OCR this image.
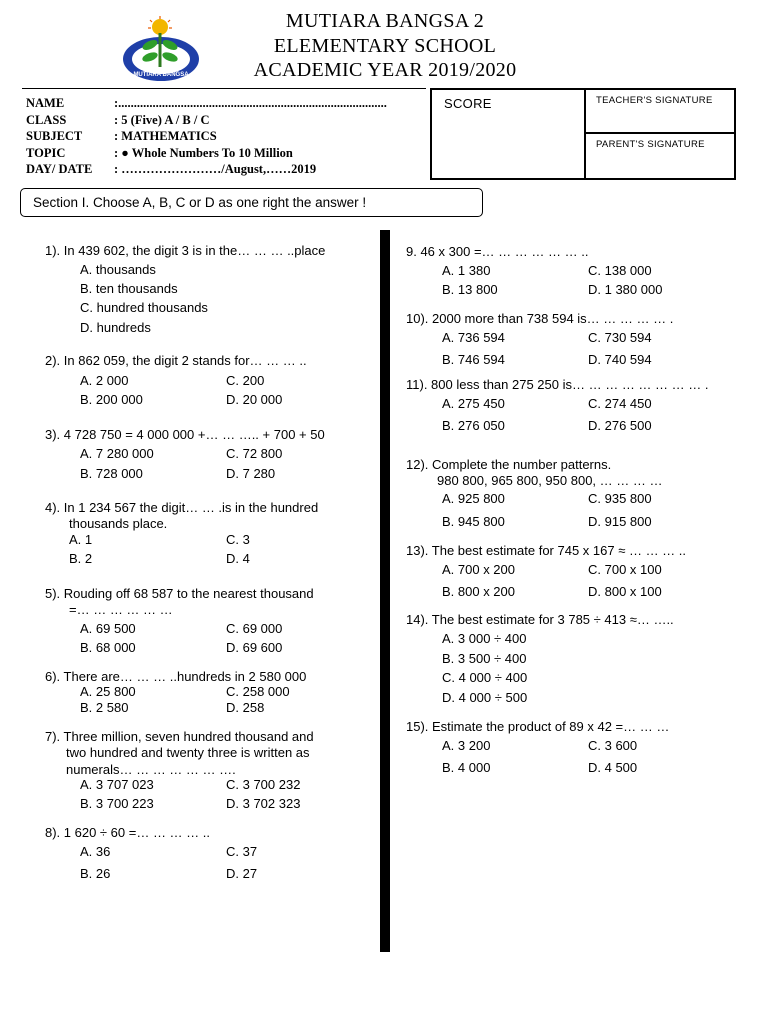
MUTIARA BANGSA
MUTIARA BANGSA 2
ELEMENTARY SCHOOL
ACADEMIC YEAR 2019/2020
NAME	:......................................................................................
CLASS	: 5 (Five) A / B / C
SUBJECT	: MATHEMATICS
TOPIC	: ● Whole Numbers To 10 Million
DAY/ DATE	: ……………………/August,……2019
SCORE	TEACHER'S SIGNATURE
PARENT'S SIGNATURE
Section I. Choose A, B, C or D as one right the answer !
1). In 439 602, the digit 3 is in the… … … ..place
A. thousands
B. ten thousands
C. hundred thousands
D. hundreds
2). In 862 059, the digit 2 stands for… … … ..
A. 2 000	C. 200
B. 200 000	D. 20 000
3). 4 728 750 = 4 000 000 +… … ….. + 700 + 50
A. 7 280 000	C. 72 800
B. 728 000	D. 7 280
4). In 1 234 567 the digit… … .is in the hundred
thousands place.
A. 1	C. 3
B. 2	D. 4
5). Rouding off 68 587 to the nearest thousand
=… … … … … …
A. 69 500	C. 69 000
B. 68 000	D. 69 600
6). There are… … … ..hundreds in 2 580 000
A. 25 800	C. 258 000
B. 2 580	D. 258
7). Three million, seven hundred thousand and
two hundred and twenty three is written as
numerals… … … … … … ….
A. 3 707 023	C. 3 700 232
B. 3 700 223	D. 3 702 323
8). 1 620 ÷ 60 =… … … … ..
A. 36	C. 37
B. 26	D. 27
9. 46 x 300 =… … … … … … ..
A. 1 380	C. 138 000
B. 13 800	D. 1 380 000
10). 2000 more than 738 594 is… … … … … .
A. 736 594	C. 730 594
B. 746 594	D. 740 594
11). 800 less than 275 250 is… … … … … … … … .
A. 275 450	C. 274 450
B. 276 050	D. 276 500
12). Complete the number patterns.
980 800, 965 800, 950 800, … … … …
A. 925 800	C. 935 800
B. 945 800	D. 915 800
13). The best estimate for 745 x 167 ≈ … … … ..
A. 700 x 200	C. 700 x 100
B. 800 x 200	D. 800 x 100
14). The best estimate for 3 785 ÷ 413 ≈… …..
A. 3 000 ÷ 400
B. 3 500 ÷ 400
C. 4 000 ÷ 400
D. 4 000 ÷ 500
15). Estimate the product of 89 x 42 =… … …
A. 3 200	C. 3 600
B. 4 000	D. 4 500
